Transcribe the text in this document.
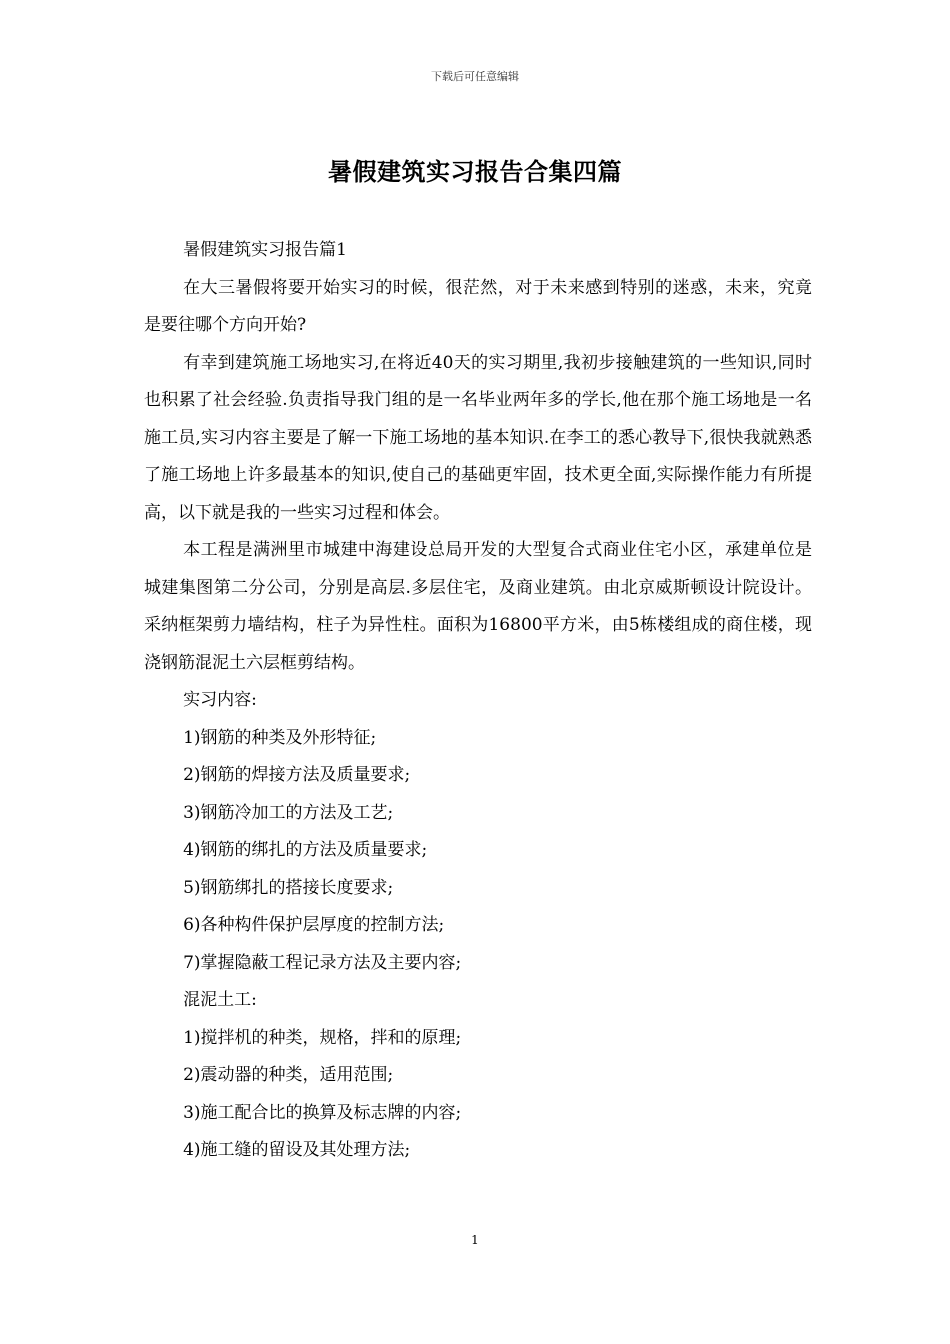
下载后可任意编辑
暑假建筑实习报告合集四篇

暑假建筑实习报告篇1

在大三暑假将要开始实习的时候，很茫然，对于未来感到特别的迷惑，未来，究竟是要往哪个方向开始?

有幸到建筑施工场地实习,在将近40天的实习期里,我初步接触建筑的一些知识,同时也积累了社会经验.负责指导我门组的是一名毕业两年多的学长,他在那个施工场地是一名施工员,实习内容主要是了解一下施工场地的基本知识.在李工的悉心教导下,很快我就熟悉了施工场地上许多最基本的知识,使自己的基础更牢固，技术更全面,实际操作能力有所提高，以下就是我的一些实习过程和体会。

本工程是满洲里市城建中海建设总局开发的大型复合式商业住宅小区，承建单位是城建集图第二分公司，分别是高层.多层住宅，及商业建筑。由北京威斯顿设计院设计。采纳框架剪力墙结构，柱子为异性柱。面积为16800平方米，由5栋楼组成的商住楼，现浇钢筋混泥土六层框剪结构。

实习内容:

1)钢筋的种类及外形特征;

2)钢筋的焊接方法及质量要求;

3)钢筋冷加工的方法及工艺;

4)钢筋的绑扎的方法及质量要求;

5)钢筋绑扎的搭接长度要求;

6)各种构件保护层厚度的控制方法;

7)掌握隐蔽工程记录方法及主要内容;

混泥土工:

1)搅拌机的种类，规格，拌和的原理;

2)震动器的种类，适用范围;

3)施工配合比的换算及标志牌的内容;

4)施工缝的留设及其处理方法;

1
